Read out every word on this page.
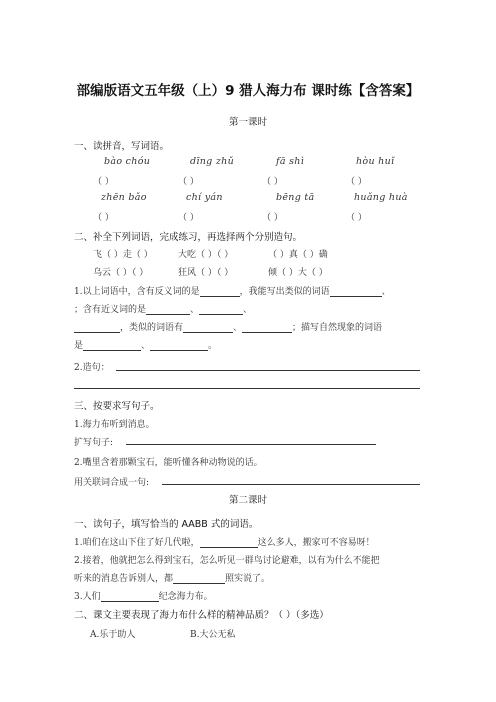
部编版语文五年级（上）9 猎人海力布 课时练【含答案】
第一课时
一、读拼音，写词语。
bào chóu	dīng zhǔ	fā shì	hòu huǐ
（ ）	（ ）	（ ）	（ ）
zhēn bǎo	chí yán	bēng tā	huǎng huà
（ ）	（ ）	（ ）	（ ）
二、补全下列词语，完成练习，再选择两个分别造句。
飞（ ）走（ ）	大吃（ ）（ ）	（ ）真（ ）确
乌云（ ）（ ）	狂风（ ）（ ）	倾（ ）大（ ）
1.以上词语中，含有反义词的是	，我能写出类似的词语	、
；含有近义词的是	、	、
，类似的词语有	、	；描写自然现象的词语
是	、	。
2.造句：
三、按要求写句子。
1.海力布听到消息。
扩写句子:
2.嘴里含着那颗宝石，能听懂各种动物说的话。
用关联词合成一句:
第二课时
一、读句子，填写恰当的 AABB 式的词语。
1.咱们在这山下住了好几代啦，	这么多人，搬家可不容易呀！
2.接着，他就把怎么得到宝石，怎么听见一群鸟讨论避难，以有为什么不能把
听来的消息告诉别人，都	照实说了。
3.人们	纪念海力布。
二、课文主要表现了海力布什么样的精神品质？（ ）（多选）
A.乐于助人	B.大公无私
